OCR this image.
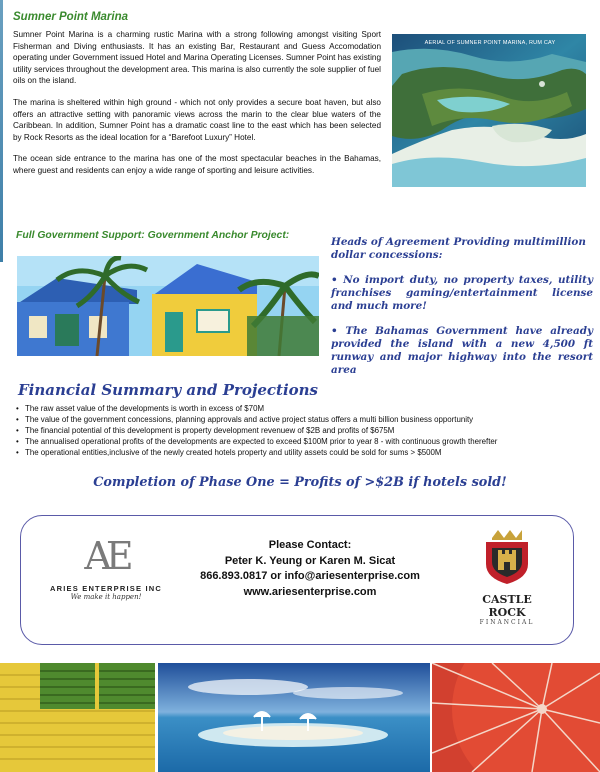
Sumner Point Marina

Sumner Point Marina is a charming rustic Marina with a strong following amongst visiting Sport Fisherman and Diving enthusiasts. It has an existing Bar, Restaurant and Guess Accomodation operating under Government issued Hotel and Marina Operating Licenses. Sumner Point has existing utility services throughout the development area. This marina is also currently the sole supplier of fuel oils on the island.

The marina is sheltered within high ground - which not only provides a secure boat haven, but also offers an attractive setting with panoramic views across the marin to the clear blue waters of the Caribbean. In addition, Sumner Point has a dramatic coast line to the east which has been selected by Rock Resorts as the ideal location for a “Barefoot Luxury” Hotel.

The ocean side entrance to the marina has one of the most spectacular beaches in the Bahamas, where guest and residents can enjoy a wide range of sporting and leisure activities.

AERIAL OF SUMNER POINT MARINA, RUM CAY
Full Government Support: Government Anchor Project:
Heads of Agreement Providing multimillion dollar concessions:
• No import duty, no property taxes, utility franchises gaming/entertainment license and much more!
• The Bahamas Government have already provided the island with a new 4,500 ft runway and major highway into the resort area
Financial Summary and Projections
• The raw asset value of the developments is worth in excess of $70M
• The value of the government concessions, planning approvals and active project status offers a multi billion business opportunity
• The financial potential of this development is property development revenuew of $2B and profits of $675M
• The annualised operational profits of the developments are expected to exceed $100M prior to year 8 - with continuous growth therefter
• The operational entities,inclusive of the newly created hotels property and utility assets could be sold for sums > $500M
Completion of Phase One = Profits of >$2B if hotels sold!
AE
ARIES ENTERPRISE INC
We make it happen!
Please Contact:
Peter K. Yeung or Karen M. Sicat
866.893.0817 or info@ariesenterprise.com
www.ariesenterprise.com
CASTLE ROCK
FINANCIAL
